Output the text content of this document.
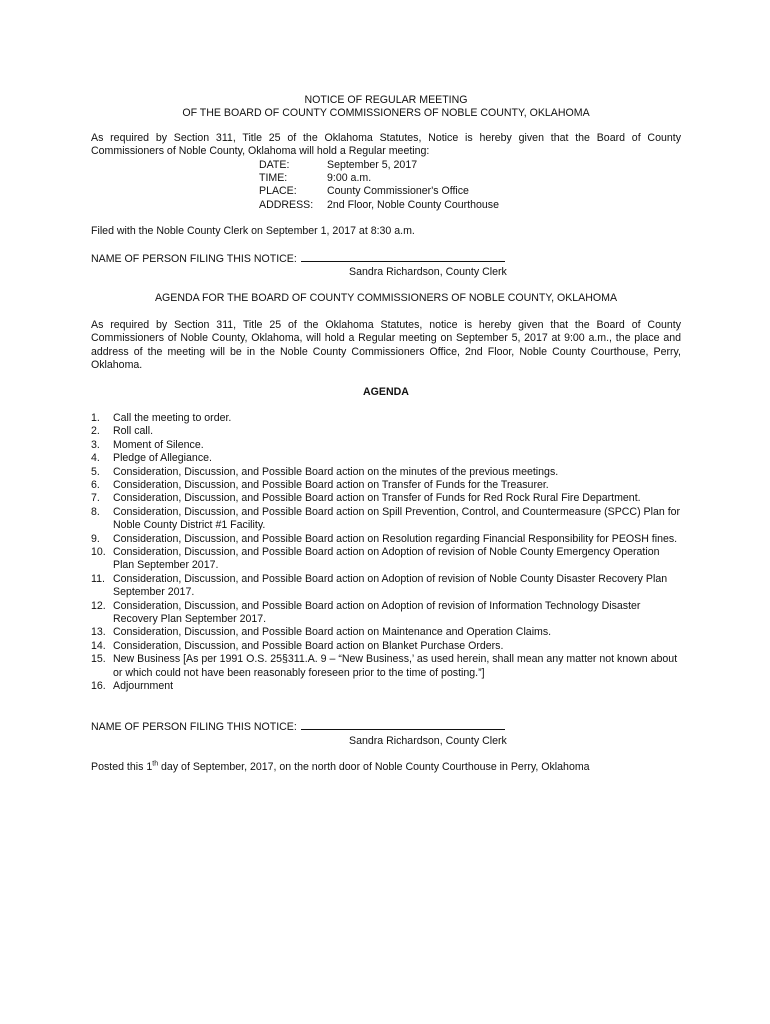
NOTICE OF REGULAR MEETING
OF THE BOARD OF COUNTY COMMISSIONERS OF NOBLE COUNTY, OKLAHOMA
As required by Section 311, Title 25 of the Oklahoma Statutes, Notice is hereby given that the Board of County Commissioners of Noble County, Oklahoma will hold a Regular meeting:
DATE:	September 5, 2017
TIME:	9:00 a.m.
PLACE:	County Commissioner's Office
ADDRESS:	2nd Floor, Noble County Courthouse
Filed with the Noble County Clerk on September 1, 2017 at 8:30 a.m.
NAME OF PERSON FILING THIS NOTICE:
Sandra Richardson, County Clerk
AGENDA FOR THE BOARD OF COUNTY COMMISSIONERS OF NOBLE COUNTY, OKLAHOMA
As required by Section 311, Title 25 of the Oklahoma Statutes, notice is hereby given that the Board of County Commissioners of Noble County, Oklahoma, will hold a Regular meeting on September 5, 2017 at 9:00 a.m., the place and address of the meeting will be in the Noble County Commissioners Office, 2nd Floor, Noble County Courthouse, Perry, Oklahoma.
AGENDA
1.	Call the meeting to order.
2.	Roll call.
3.	Moment of Silence.
4.	Pledge of Allegiance.
5.	Consideration, Discussion, and Possible Board action on the minutes of the previous meetings.
6.	Consideration, Discussion, and Possible Board action on Transfer of Funds for the Treasurer.
7.	Consideration, Discussion, and Possible Board action on Transfer of Funds for Red Rock Rural Fire Department.
8.	Consideration, Discussion, and Possible Board action on Spill Prevention, Control, and Countermeasure (SPCC) Plan for Noble County District #1 Facility.
9.	Consideration, Discussion, and Possible Board action on Resolution regarding Financial Responsibility for PEOSH fines.
10. Consideration, Discussion, and Possible Board action on Adoption of revision of Noble County Emergency Operation Plan September 2017.
11. Consideration, Discussion, and Possible Board action on Adoption of revision of Noble County Disaster Recovery Plan September 2017.
12. Consideration, Discussion, and Possible Board action on Adoption of revision of Information Technology Disaster Recovery Plan September 2017.
13. Consideration, Discussion, and Possible Board action on Maintenance and Operation Claims.
14. Consideration, Discussion, and Possible Board action on Blanket Purchase Orders.
15. New Business [As per 1991 O.S. 25§311.A. 9 – “New Business,’ as used herein, shall mean any matter not known about or which could not have been reasonably foreseen prior to the time of posting.”]
16. Adjournment
NAME OF PERSON FILING THIS NOTICE:
Sandra Richardson, County Clerk
Posted this 1th day of September, 2017, on the north door of Noble County Courthouse in Perry, Oklahoma
